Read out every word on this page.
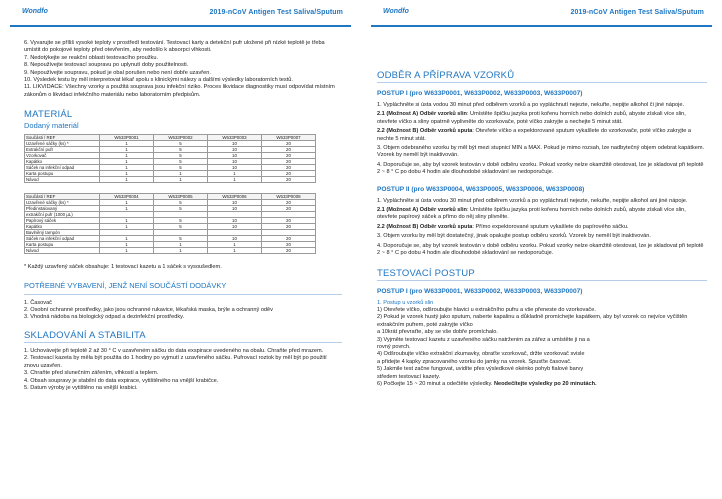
Wondfo	2019-nCoV Antigen Test Saliva/Sputum

6. Vyvarujte se příliš vysoké teploty v prostředí testování. Testovací karty a detekční pufr uložené při nízké teplotě je třeba umístit do pokojové teploty před otevřením, aby nedošlo k absorpci vlhkosti.

7. Nedotýkejte se reakční oblasti testovacího proužku.

8. Nepoužívejte testovací soupravu po uplynutí doby použitelnosti.

9. Nepoužívejte soupravu, pokud je obal porušen nebo není dobře uzavřen.

10. Výsledek testu by měl interpretovat lékař spolu s klinickými nálezy a dalšími výsledky laboratorních testů.

11. LIKVIDACE: Všechny vzorky a použitá souprava jsou infekční riziko. Proces likvidace diagnostiky musí odpovídat místním zákonům o likvidaci infekčního materiálu nebo laboratorním předpisům.

MATERIÁL
Dodaný materiál
Součásti / REF	W633P0001	W633P0002	W633P0003	W633P0007
Uzavřené sáčky (ks) *	1	5	10	20
Extrakční pufr	1	5	10	20
Vzorkovač	1	5	10	20
Kapátko	1	5	10	20
Sáček na infekční odpad	1	5	10	20
Karta postupu	1	1	1	20
Návod	1	1	1	20
Součásti / REF	W633P0004	W633P0005	W633P0006	W633P0008
Uzavřené sáčky (ks) *	1	5	10	20
Předinstalovaný	1	5	10	20
extrakční pufr (1000 µL)				
Papírový sáček	1	5	10	20
Kapátko	1	5	10	20
Bavlněný tampón				
Sáček na infekční odpad	1	5	10	20
Karta postupu	1	1	1	20
Návod	1	1	1	20

* Každý uzavřený sáček obsahuje: 1 testovací kazetu a 1 sáček s vysoušedlem.

POTŘEBNÉ VYBAVENÍ, JENŽ NENÍ SOUČÁSTÍ DODÁVKY

1. Časovač

2. Osobní ochranné prostředky, jako jsou ochranné rukavice, lékařská maska, brýle a ochranný oděv

3. Vhodná nádoba na biologický odpad a dezinfekční prostředky.

SKLADOVÁNÍ A STABILITA

1. Uchovávejte při teplotě 2 až 30 ° C v uzavřeném sáčku do data exspirace uvedeného na obalu. Chraňte před mrazem.

2. Testovací kazeta by měla být použita do 1 hodiny po vyjmutí z uzavřeného sáčku. Pufrovací roztok by měl být po použití znovu uzavřen.

3. Chraňte před slunečním zářením, vlhkostí a teplem.

4. Obsah soupravy je stabilní do data expirace, vytištěného na vnější krabičce.

5. Datum výroby je vytištěno na vnější krabici.

Wondfo	2019-nCoV Antigen Test Saliva/Sputum
ODBĚR A PŘÍPRAVA VZORKŮ
POSTUP I (pro W633P0001, W633P0002, W633P0003, W633P0007)

1. Vypláchněte si ústa vodou 30 minut před odběrem vzorků a po vypláchnutí nejezte, nekuřte, nepijte alkohol či jiné nápoje.

2.1 (Možnost A) Odběr vzorků slin: Umístěte špičku jazyka proti kořenu horních nebo dolních zubů, abyste získali více slin, otevřete víčko a sliny opatrně vyplivněte do vzorkovače, poté víčko zakryjte a nechejte 5 minut stát.

2.2 (Možnost B) Odběr vzorků sputa: Otevřete víčko a expektorované sputum vykašlete do vzorkovače, poté víčko zakryjte a nechte 5 minut stát.

3. Objem odebraného vzorku by měl být mezi stupnicí MIN a MAX. Pokud je mimo rozsah, lze nadbytečný objem odebrat kapátkem. Vzorek by neměl být inaktivován.

4. Doporučuje se, aby byl vzorek testován v době odběru vzorku. Pokud vzorky nelze okamžitě otestovat, lze je skladovat při teplotě 2 ~ 8 ° C po dobu 4 hodin ale dlouhodobé skladování se nedoporučuje.

POSTUP II (pro W633P0004, W633P0005, W633P0006, W633P0008)

1. Vypláchněte si ústa vodou 30 minut před odběrem vzorků a po vypláchnutí nejezte, nekuřte, nepijte alkohol ani jiné nápoje.

2.1 (Možnost A) Odběr vzorků slin: Umístěte špičku jazyka proti kořenu horních nebo dolních zubů, abyste získali více slin, otevřete papírový sáček a přímo do něj sliny plivněte.

2.2 (Možnost B) Odběr vzorků sputa: Přímo expektorované sputum vykašlete do papírového sáčku.

3. Objem vzorku by měl být dostatečný, jinak opakujte postup odběru vzorků. Vzorek by neměl být inaktivován.

4. Doporučuje se, aby byl vzorek testován v době odběru vzorku. Pokud vzorky nelze okamžitě otestovat, lze je skladovat při teplotě 2 ~ 8 ° C po dobu 4 hodin ale dlouhodobé skladování se nedoporučuje.

TESTOVACÍ POSTUP
POSTUP I (pro W633P0001, W633P0002, W633P0003, W633P0007)
1. Postup u vzorků slin

1) Otevřete víčko, odšroubujte hlavici u extrakčního pufru a vše přeneste do vzorkovače.

2) Pokud je vzorek hustý jako sputum, naberte kapalinu a důkladně promíchejte kapátkem, aby byl vzorek co nejvíce vyčištěn extrakčním pufrem, poté zakryjte víčko

a 10krát převraťte, aby se vše dobře promíchalo.

3) Vyjměte testovací kazetu z uzavřeného sáčku natrženim za zářez a umístěte ji na a

rovný povrch.

4) Odšroubujte víčko extrakční zkumavky, obraťte vzorkovač, držte vzorkovač svisle

a přidejte 4 kapky zpracovaného vzorku do jamky na vzorek. Spusťte časovač.

5) Jakmile test začne fungovat, uvidíte přes výsledkové okénko pohyb fialové barvy

středem testovací kazety.

6) Počkejte 15 ~ 20 minut a odečtěte výsledky. Neodečítejte výsledky po 20 minutách.
